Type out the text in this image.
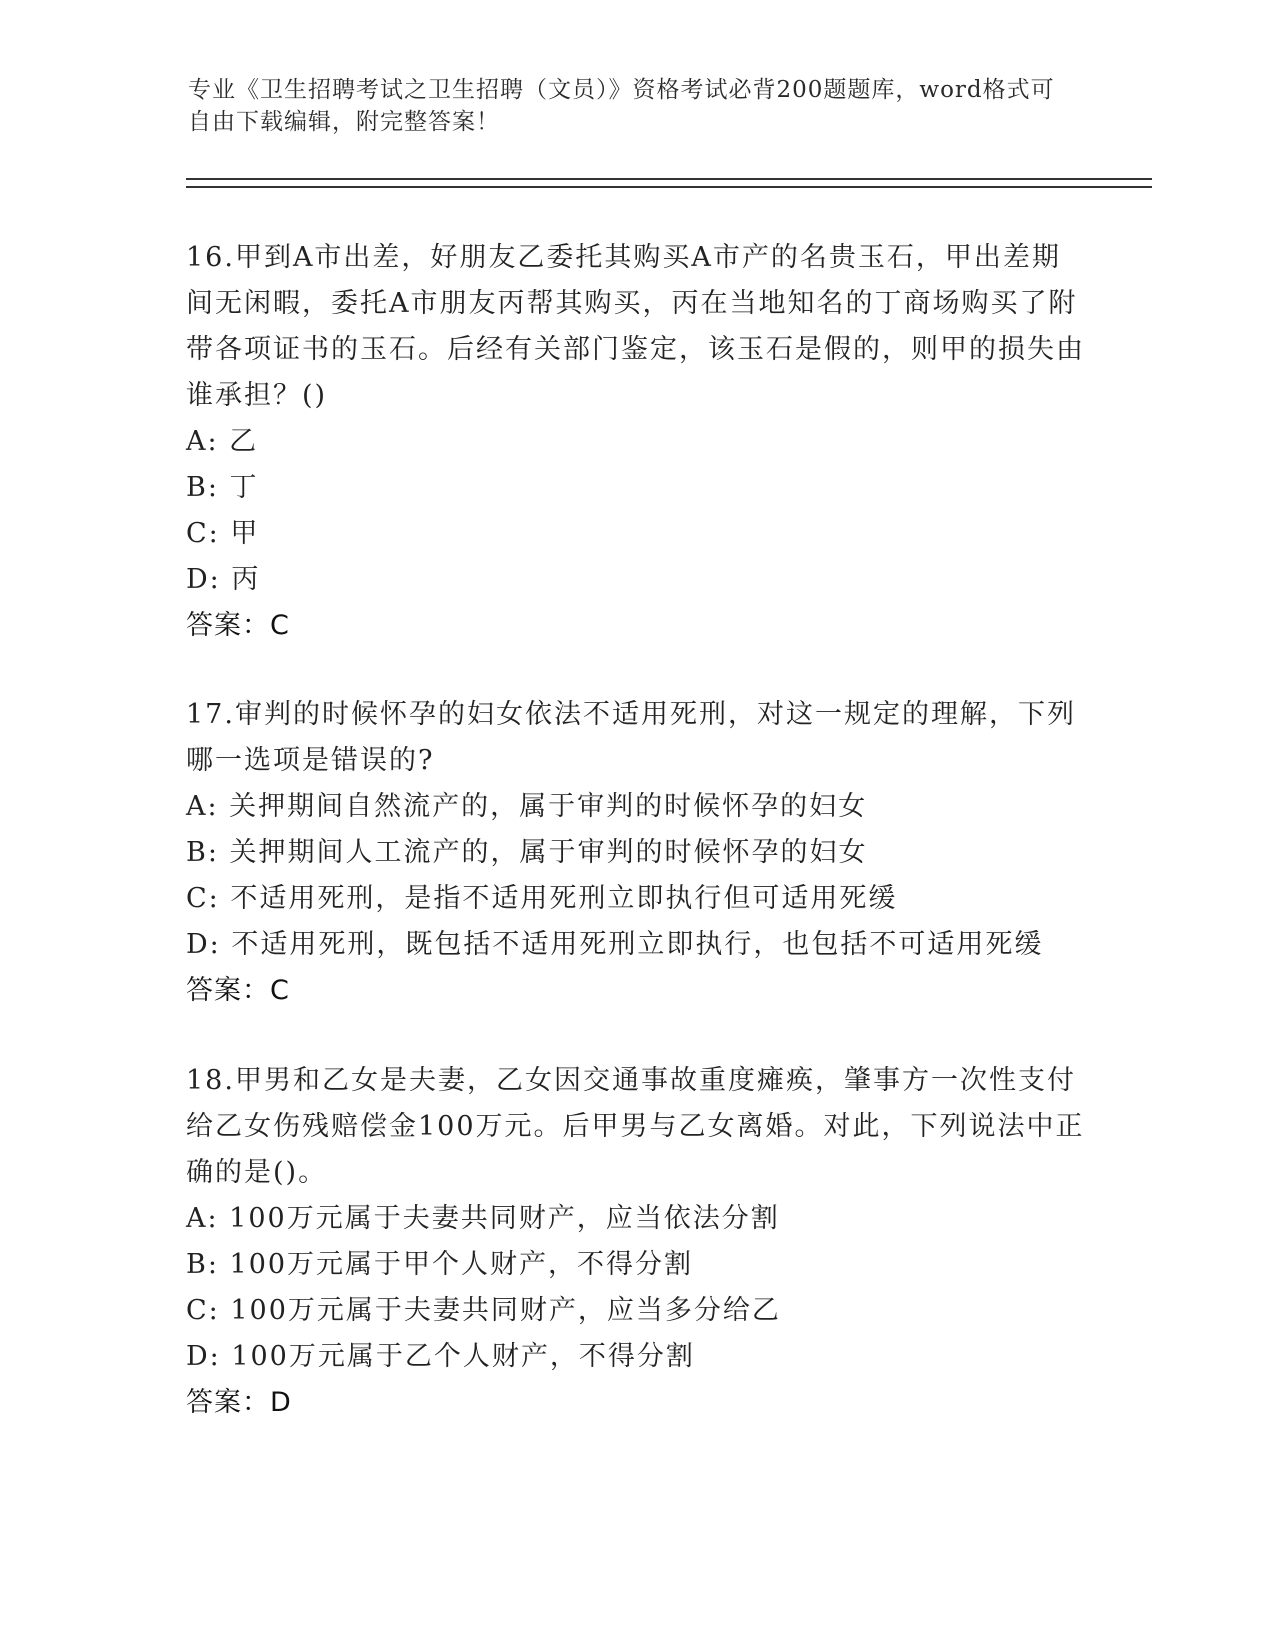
专业《卫生招聘考试之卫生招聘（文员）》资格考试必背200题题库，word格式可自由下载编辑，附完整答案！

16.甲到A市出差，好朋友乙委托其购买A市产的名贵玉石，甲出差期间无闲暇，委托A市朋友丙帮其购买，丙在当地知名的丁商场购买了附带各项证书的玉石。后经有关部门鉴定，该玉石是假的，则甲的损失由谁承担？()

A: 乙

B: 丁

C: 甲

D: 丙

答案：C

17.审判的时候怀孕的妇女依法不适用死刑，对这一规定的理解，下列哪一选项是错误的?

A: 关押期间自然流产的，属于审判的时候怀孕的妇女

B: 关押期间人工流产的，属于审判的时候怀孕的妇女

C: 不适用死刑，是指不适用死刑立即执行但可适用死缓

D: 不适用死刑，既包括不适用死刑立即执行，也包括不可适用死缓

答案：C

18.甲男和乙女是夫妻，乙女因交通事故重度瘫痪，肇事方一次性支付给乙女伤残赔偿金100万元。后甲男与乙女离婚。对此，下列说法中正确的是()。

A: 100万元属于夫妻共同财产，应当依法分割

B: 100万元属于甲个人财产，不得分割

C: 100万元属于夫妻共同财产，应当多分给乙

D: 100万元属于乙个人财产，不得分割

答案：D
